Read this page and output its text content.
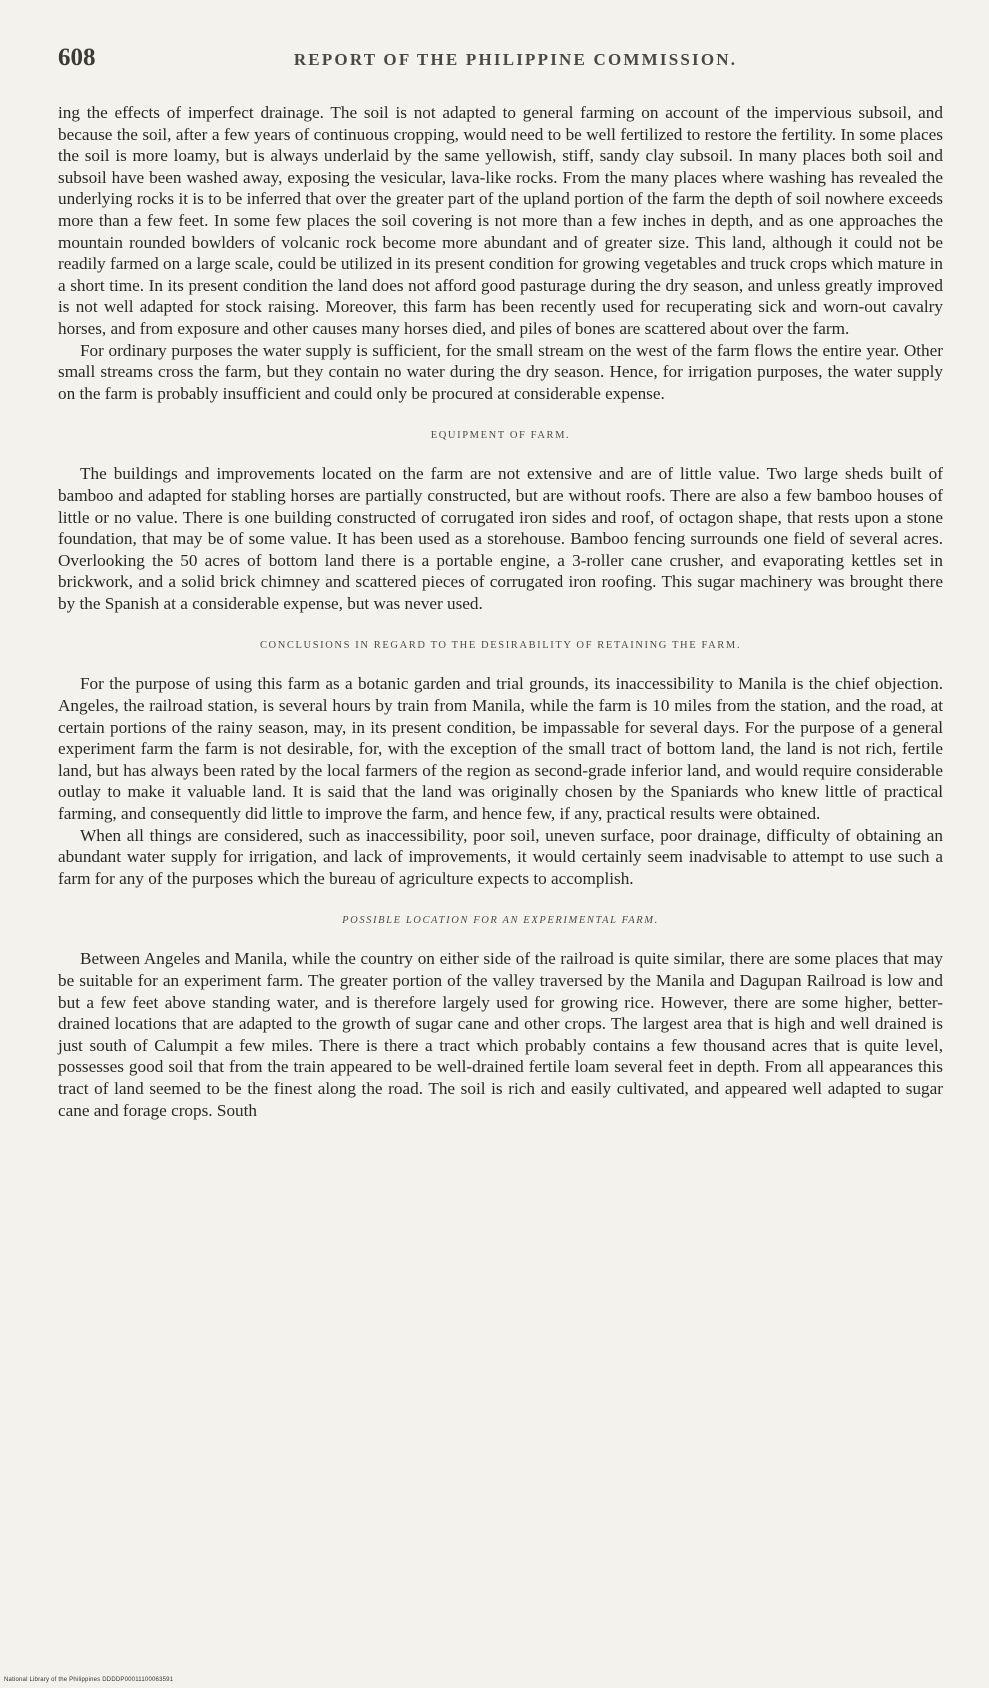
608	REPORT OF THE PHILIPPINE COMMISSION.

ing the effects of imperfect drainage. The soil is not adapted to general farming on account of the impervious subsoil, and because the soil, after a few years of continuous cropping, would need to be well fertilized to restore the fertility. In some places the soil is more loamy, but is always underlaid by the same yellowish, stiff, sandy clay subsoil. In many places both soil and subsoil have been washed away, exposing the vesicular, lava-like rocks. From the many places where washing has revealed the underlying rocks it is to be inferred that over the greater part of the upland portion of the farm the depth of soil nowhere exceeds more than a few feet. In some few places the soil covering is not more than a few inches in depth, and as one approaches the mountain rounded bowlders of volcanic rock become more abundant and of greater size. This land, although it could not be readily farmed on a large scale, could be utilized in its present condition for growing vegetables and truck crops which mature in a short time. In its present condition the land does not afford good pasturage during the dry season, and unless greatly improved is not well adapted for stock raising. Moreover, this farm has been recently used for recuperating sick and worn-out cavalry horses, and from exposure and other causes many horses died, and piles of bones are scattered about over the farm.

For ordinary purposes the water supply is sufficient, for the small stream on the west of the farm flows the entire year. Other small streams cross the farm, but they contain no water during the dry season. Hence, for irrigation purposes, the water supply on the farm is probably insufficient and could only be procured at considerable expense.

EQUIPMENT OF FARM.

The buildings and improvements located on the farm are not extensive and are of little value. Two large sheds built of bamboo and adapted for stabling horses are partially constructed, but are without roofs. There are also a few bamboo houses of little or no value. There is one building constructed of corrugated iron sides and roof, of octagon shape, that rests upon a stone foundation, that may be of some value. It has been used as a storehouse. Bamboo fencing surrounds one field of several acres. Overlooking the 50 acres of bottom land there is a portable engine, a 3-roller cane crusher, and evaporating kettles set in brickwork, and a solid brick chimney and scattered pieces of corrugated iron roofing. This sugar machinery was brought there by the Spanish at a considerable expense, but was never used.

CONCLUSIONS IN REGARD TO THE DESIRABILITY OF RETAINING THE FARM.

For the purpose of using this farm as a botanic garden and trial grounds, its inaccessibility to Manila is the chief objection. Angeles, the railroad station, is several hours by train from Manila, while the farm is 10 miles from the station, and the road, at certain portions of the rainy season, may, in its present condition, be impassable for several days. For the purpose of a general experiment farm the farm is not desirable, for, with the exception of the small tract of bottom land, the land is not rich, fertile land, but has always been rated by the local farmers of the region as second-grade inferior land, and would require considerable outlay to make it valuable land. It is said that the land was originally chosen by the Spaniards who knew little of practical farming, and consequently did little to improve the farm, and hence few, if any, practical results were obtained.

When all things are considered, such as inaccessibility, poor soil, uneven surface, poor drainage, difficulty of obtaining an abundant water supply for irrigation, and lack of improvements, it would certainly seem inadvisable to attempt to use such a farm for any of the purposes which the bureau of agriculture expects to accomplish.

POSSIBLE LOCATION FOR AN EXPERIMENTAL FARM.

Between Angeles and Manila, while the country on either side of the railroad is quite similar, there are some places that may be suitable for an experiment farm. The greater portion of the valley traversed by the Manila and Dagupan Railroad is low and but a few feet above standing water, and is therefore largely used for growing rice. However, there are some higher, better-drained locations that are adapted to the growth of sugar cane and other crops. The largest area that is high and well drained is just south of Calumpit a few miles. There is there a tract which probably contains a few thousand acres that is quite level, possesses good soil that from the train appeared to be well-drained fertile loam several feet in depth. From all appearances this tract of land seemed to be the finest along the road. The soil is rich and easily cultivated, and appeared well adapted to sugar cane and forage crops. South

National Library of the Philippines DDDDP00011100063591
